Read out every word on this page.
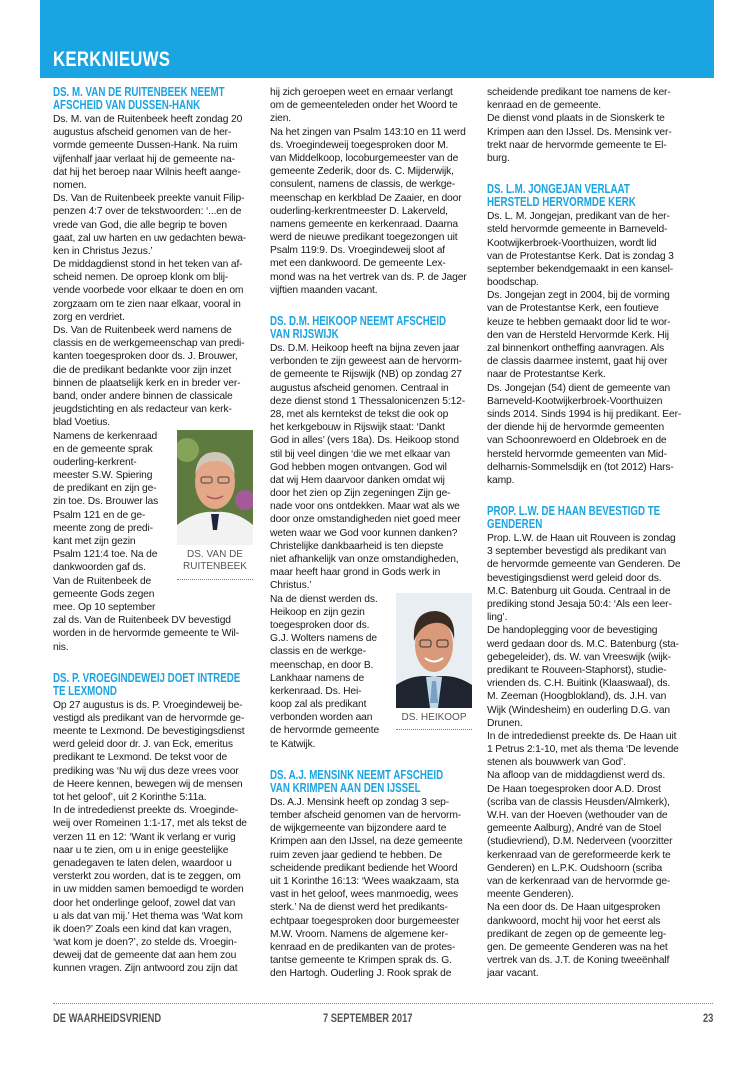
KERKNIEUWS
DS. M. VAN DE RUITENBEEK NEEMT
AFSCHEID VAN DUSSEN-HANK
Ds. M. van de Ruitenbeek heeft zondag 20
augustus afscheid genomen van de her-
vormde gemeente Dussen-Hank. Na ruim
vijfenhalf jaar verlaat hij de gemeente na-
dat hij het beroep naar Wilnis heeft aange-
nomen.
Ds. Van de Ruitenbeek preekte vanuit Filip-
penzen 4:7 over de tekstwoorden: ‘...en de
vrede van God, die alle begrip te boven
gaat, zal uw harten en uw gedachten bewa-
ken in Christus Jezus.’
De middagdienst stond in het teken van af-
scheid nemen. De oproep klonk om blij-
vende voorbede voor elkaar te doen en om
zorgzaam om te zien naar elkaar, vooral in
zorg en verdriet.
Ds. Van de Ruitenbeek werd namens de
classis en de werkgemeenschap van predi-
kanten toegesproken door ds. J. Brouwer,
die de predikant bedankte voor zijn inzet
binnen de plaatselijk kerk en in breder ver-
band, onder andere binnen de classicale
jeugdstichting en als redacteur van kerk-
blad Voetius.
Namens de kerkenraad
en de gemeente sprak
ouderling-kerkrent-
meester S.W. Spiering
de predikant en zijn ge-
zin toe. Ds. Brouwer las
Psalm 121 en de ge-
meente zong de predi-
kant met zijn gezin
Psalm 121:4 toe. Na de
dankwoorden gaf ds.
Van de Ruitenbeek de
gemeente Gods zegen
mee. Op 10 september
DS. VAN DE
RUITENBEEK
zal ds. Van de Ruitenbeek DV bevestigd
worden in de hervormde gemeente te Wil-
nis.
DS. P. VROEGINDEWEIJ DOET INTREDE
TE LEXMOND
Op 27 augustus is ds. P. Vroegindeweij be-
vestigd als predikant van de hervormde ge-
meente te Lexmond. De bevestigingsdienst
werd geleid door dr. J. van Eck, emeritus
predikant te Lexmond. De tekst voor de
prediking was ‘Nu wij dus deze vrees voor
de Heere kennen, bewegen wij de mensen
tot het geloof’, uit 2 Korinthe 5:11a.
In de intrededienst preekte ds. Vroeginde-
weij over Romeinen 1:1-17, met als tekst de
verzen 11 en 12: ‘Want ik verlang er vurig
naar u te zien, om u in enige geestelijke
genadegaven te laten delen, waardoor u
versterkt zou worden, dat is te zeggen, om
in uw midden samen bemoedigd te worden
door het onderlinge geloof, zowel dat van
u als dat van mij.’ Het thema was ‘Wat kom
ik doen?’ Zoals een kind dat kan vragen,
‘wat kom je doen?’, zo stelde ds. Vroegin-
deweij dat de gemeente dat aan hem zou
kunnen vragen. Zijn antwoord zou zijn dat
hij zich geroepen weet en ernaar verlangt
om de gemeenteleden onder het Woord te
zien.
Na het zingen van Psalm 143:10 en 11 werd
ds. Vroegindeweij toegesproken door M.
van Middelkoop, locoburgemeester van de
gemeente Zederik, door ds. C. Mijderwijk,
consulent, namens de classis, de werkge-
meenschap en kerkblad De Zaaier, en door
ouderling-kerkrentmeester D. Lakerveld,
namens gemeente en kerkenraad. Daarna
werd de nieuwe predikant toegezongen uit
Psalm 119:9. Ds. Vroegindeweij sloot af
met een dankwoord. De gemeente Lex-
mond was na het vertrek van ds. P. de Jager
vijftien maanden vacant.
DS. D.M. HEIKOOP NEEMT AFSCHEID
VAN RIJSWIJK
Ds. D.M. Heikoop heeft na bijna zeven jaar
verbonden te zijn geweest aan de hervorm-
de gemeente te Rijswijk (NB) op zondag 27
augustus afscheid genomen. Centraal in
deze dienst stond 1 Thessalonicenzen 5:12-
28, met als kerntekst de tekst die ook op
het kerkgebouw in Rijswijk staat: ‘Dankt
God in alles’ (vers 18a). Ds. Heikoop stond
stil bij veel dingen ‘die we met elkaar van
God hebben mogen ontvangen. God wil
dat wij Hem daarvoor danken omdat wij
door het zien op Zijn zegeningen Zijn ge-
nade voor ons ontdekken. Maar wat als we
door onze omstandigheden niet goed meer
weten waar we God voor kunnen danken?
Christelijke dankbaarheid is ten diepste
niet afhankelijk van onze omstandigheden,
maar heeft haar grond in Gods werk in
Christus.’
Na de dienst werden ds.
Heikoop en zijn gezin
toegesproken door ds.
G.J. Wolters namens de
classis en de werkge-
meenschap, en door B.
Lankhaar namens de
kerkenraad. Ds. Hei-
koop zal als predikant
verbonden worden aan
de hervormde gemeente
te Katwijk.
DS. HEIKOOP
DS. A.J. MENSINK NEEMT AFSCHEID
VAN KRIMPEN AAN DEN IJSSEL
Ds. A.J. Mensink heeft op zondag 3 sep-
tember afscheid genomen van de hervorm-
de wijkgemeente van bijzondere aard te
Krimpen aan den IJssel, na deze gemeente
ruim zeven jaar gediend te hebben. De
scheidende predikant bediende het Woord
uit 1 Korinthe 16:13: ‘Wees waakzaam, sta
vast in het geloof, wees manmoedig, wees
sterk.’ Na de dienst werd het predikants-
echtpaar toegesproken door burgemeester
M.W. Vroom. Namens de algemene ker-
kenraad en de predikanten van de protes-
tantse gemeente te Krimpen sprak ds. G.
den Hartogh. Ouderling J. Rook sprak de
scheidende predikant toe namens de ker-
kenraad en de gemeente.
De dienst vond plaats in de Sionskerk te
Krimpen aan den IJssel. Ds. Mensink ver-
trekt naar de hervormde gemeente te El-
burg.
DS. L.M. JONGEJAN VERLAAT
HERSTELD HERVORMDE KERK
Ds. L. M. Jongejan, predikant van de her-
steld hervormde gemeente in Barneveld-
Kootwijkerbroek-Voorthuizen, wordt lid
van de Protestantse Kerk. Dat is zondag 3
september bekendgemaakt in een kansel-
boodschap.
Ds. Jongejan zegt in 2004, bij de vorming
van de Protestantse Kerk, een foutieve
keuze te hebben gemaakt door lid te wor-
den van de Hersteld Hervormde Kerk. Hij
zal binnenkort ontheffing aanvragen. Als
de classis daarmee instemt, gaat hij over
naar de Protestantse Kerk.
Ds. Jongejan (54) dient de gemeente van
Barneveld-Kootwijkerbroek-Voorthuizen
sinds 2014. Sinds 1994 is hij predikant. Eer-
der diende hij de hervormde gemeenten
van Schoonrewoerd en Oldebroek en de
hersteld hervormde gemeenten van Mid-
delharnis-Sommelsdijk en (tot 2012) Hars-
kamp.
PROP. L.W. DE HAAN BEVESTIGD TE
GENDEREN
Prop. L.W. de Haan uit Rouveen is zondag
3 september bevestigd als predikant van
de hervormde gemeente van Genderen. De
bevestigingsdienst werd geleid door ds.
M.C. Batenburg uit Gouda. Centraal in de
prediking stond Jesaja 50:4: ‘Als een leer-
ling’.
De handoplegging voor de bevestiging
werd gedaan door ds. M.C. Batenburg (sta-
gebegeleider), ds. W. van Vreeswijk (wijk-
predikant te Rouveen-Staphorst), studie-
vrienden ds. C.H. Buitink (Klaaswaal), ds.
M. Zeeman (Hoogblokland), ds. J.H. van
Wijk (Windesheim) en ouderling D.G. van
Drunen.
In de intrededienst preekte ds. De Haan uit
1 Petrus 2:1-10, met als thema ‘De levende
stenen als bouwwerk van God’.
Na afloop van de middagdienst werd ds.
De Haan toegesproken door A.D. Drost
(scriba van de classis Heusden/Almkerk),
W.H. van der Hoeven (wethouder van de
gemeente Aalburg), André van de Stoel
(studievriend), D.M. Nederveen (voorzitter
kerkenraad van de gereformeerde kerk te
Genderen) en L.P.K. Oudshoorn (scriba
van de kerkenraad van de hervormde ge-
meente Genderen).
Na een door ds. De Haan uitgesproken
dankwoord, mocht hij voor het eerst als
predikant de zegen op de gemeente leg-
gen. De gemeente Genderen was na het
vertrek van ds. J.T. de Koning tweeënhalf
jaar vacant.
DE WAARHEIDSVRIEND	7 SEPTEMBER 2017	23
